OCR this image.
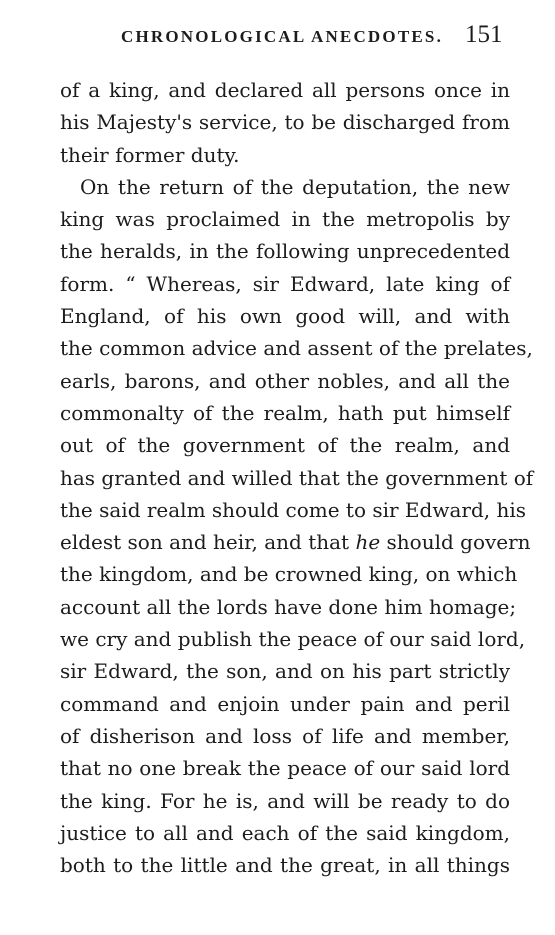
CHRONOLOGICAL ANECDOTES. 151
of a king, and declared all persons once in
his Majesty's service, to be discharged from
their former duty.
On the return of the deputation, the new
king was proclaimed in the metropolis by
the heralds, in the following unprecedented
form. “ Whereas, sir Edward, late king of
England, of his own good will, and with
the common advice and assent of the prelates,
earls, barons, and other nobles, and all the
commonalty of the realm, hath put himself
out of the government of the realm, and
has granted and willed that the government of
the said realm should come to sir Edward, his
eldest son and heir, and that he should govern
the kingdom, and be crowned king, on which
account all the lords have done him homage;
we cry and publish the peace of our said lord,
sir Edward, the son, and on his part strictly
command and enjoin under pain and peril
of disherison and loss of life and member,
that no one break the peace of our said lord
the king. For he is, and will be ready to do
justice to all and each of the said kingdom,
both to the little and the great, in all things
